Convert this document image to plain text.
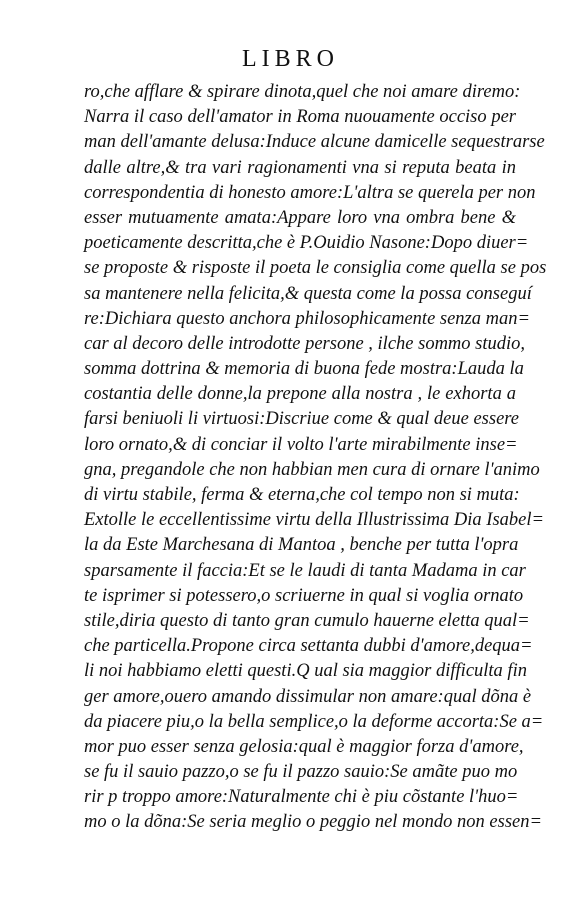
LIBRO
ro,che afflare & spirare dinota,quel che noi amare diremo:
Narra il caso dell'amator in Roma nuouamente occiso per
man dell'amante delusa:Induce alcune damicelle sequestrarse
dalle altre,& tra vari ragionamenti vna si reputa beata in
correspondentia di honesto amore:L'altra se querela per non
esser mutuamente amata:Appare loro vna ombra bene &
poeticamente descritta,che è P.Ouidio Nasone:Dopo diuer=
se proposte & risposte il poeta le consiglia come quella se pos
sa mantenere nella felicita,& questa come la possa conseguí
re:Dichiara questo anchora philosophicamente senza man=
car al decoro delle introdotte persone , ilche sommo studio,
somma dottrina & memoria di buona fede mostra:Lauda la
costantia delle donne,la prepone alla nostra , le exhorta a
farsi beniuoli li virtuosi:Discriue come & qual deue essere
loro ornato,& di conciar il volto l'arte mirabilmente inse=
gna, pregandole che non habbian men cura di ornare l'animo
di virtu stabile, ferma & eterna,che col tempo non si muta:
Extolle le eccellentissime virtu della Illustrissima Dia Isabel=
la da Este Marchesana di Mantoa , benche per tutta l'opra
sparsamente il faccia:Et se le laudi di tanta Madama in car
te isprimer si potessero,o scriuerne in qual si voglia ornato
stile,diria questo di tanto gran cumulo hauerne eletta qual=
che particella.Propone circa settanta dubbi d'amore,dequa=
li noi habbiamo eletti questi.Q ual sia maggior difficulta fin
ger amore,ouero amando dissimular non amare:qual dõna è
da piacere piu,o la bella semplice,o la deforme accorta:Se a=
mor puo esser senza gelosia:qual è maggior forza d'amore,
se fu il sauio pazzo,o se fu il pazzo sauio:Se amãte puo mo
rir p troppo amore:Naturalmente chi è piu cõstante l'huo=
mo o la dõna:Se seria meglio o peggio nel mondo non essen=
